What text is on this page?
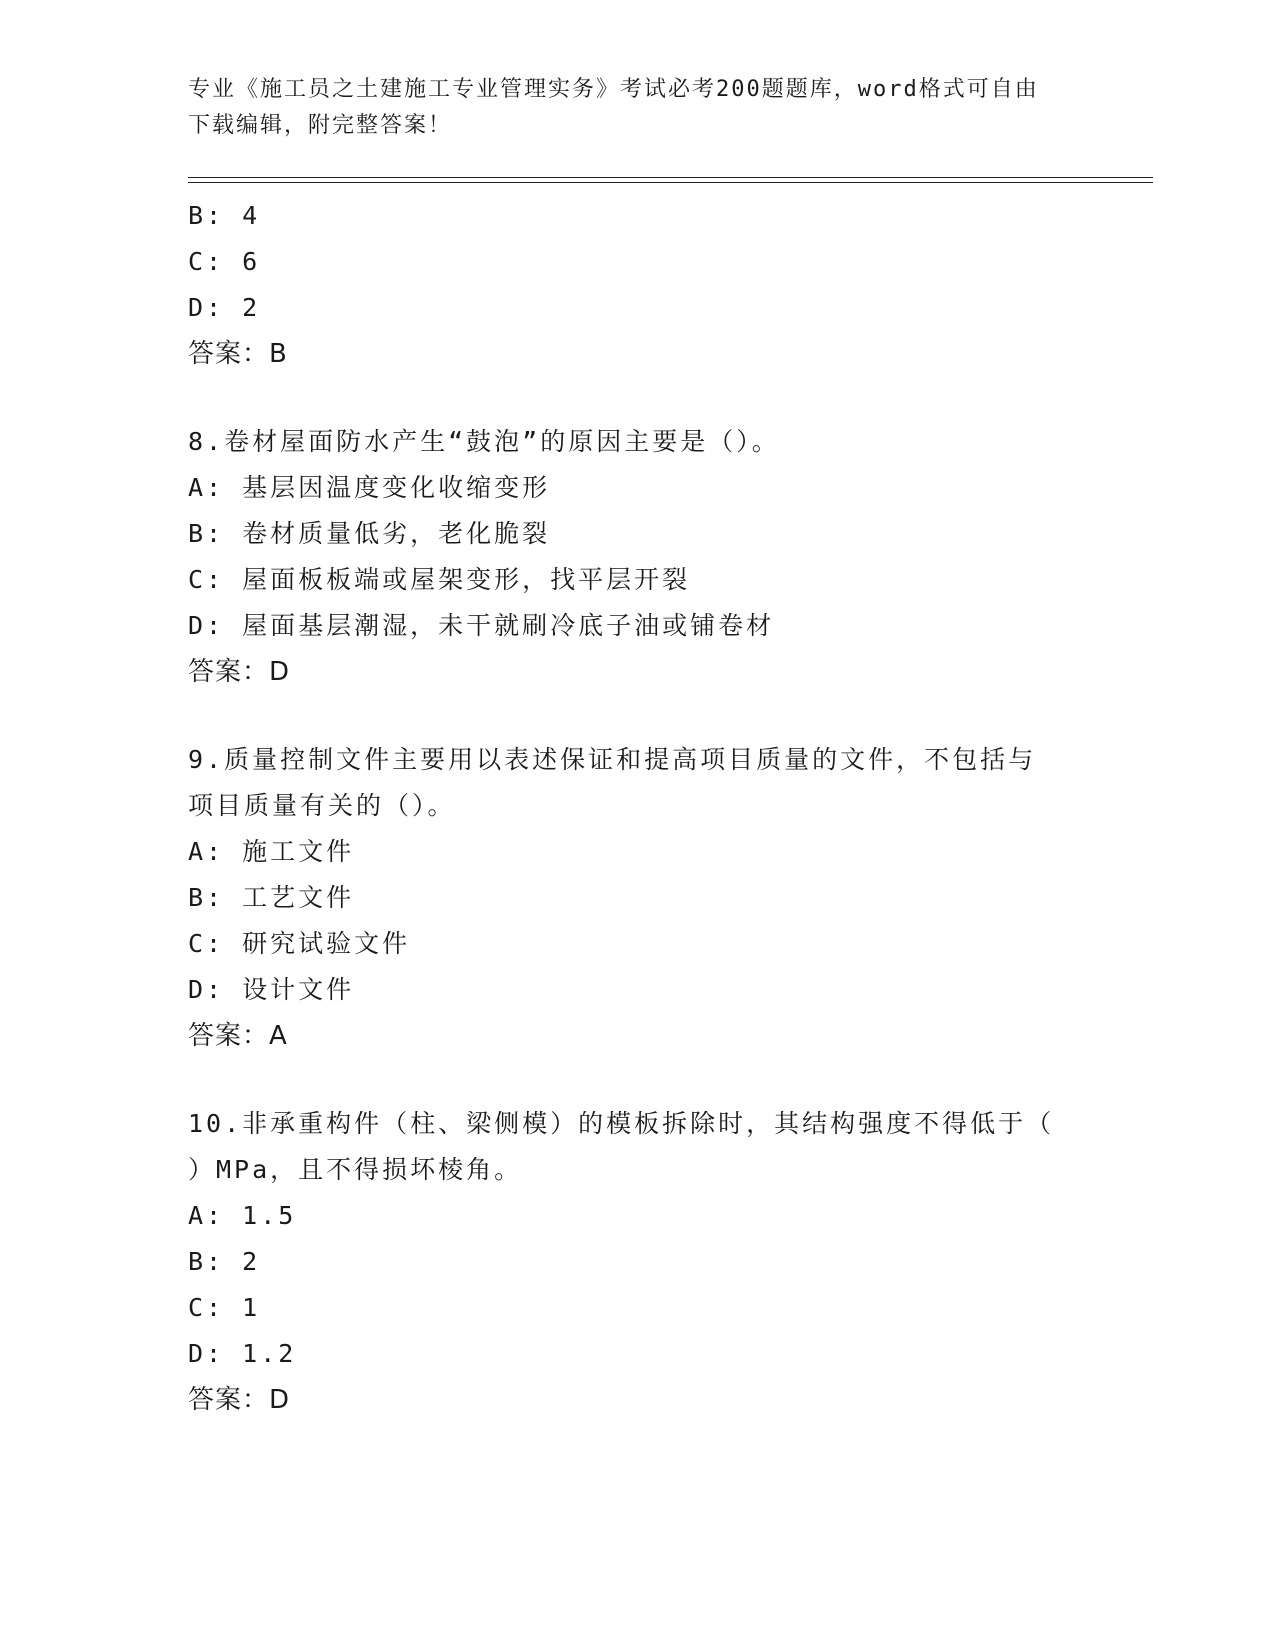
专业《施工员之土建施工专业管理实务》考试必考200题题库，word格式可自由
下载编辑，附完整答案！
B: 4
C: 6
D: 2
答案：B
8.卷材屋面防水产生“鼓泡”的原因主要是（）。
A: 基层因温度变化收缩变形
B: 卷材质量低劣，老化脆裂
C: 屋面板板端或屋架变形，找平层开裂
D: 屋面基层潮湿，未干就刷冷底子油或铺卷材
答案：D
9.质量控制文件主要用以表述保证和提高项目质量的文件，不包括与
项目质量有关的（）。
A: 施工文件
B: 工艺文件
C: 研究试验文件
D: 设计文件
答案：A
10.非承重构件（柱、梁侧模）的模板拆除时，其结构强度不得低于（
）MPa，且不得损坏棱角。
A: 1.5
B: 2
C: 1
D: 1.2
答案：D
